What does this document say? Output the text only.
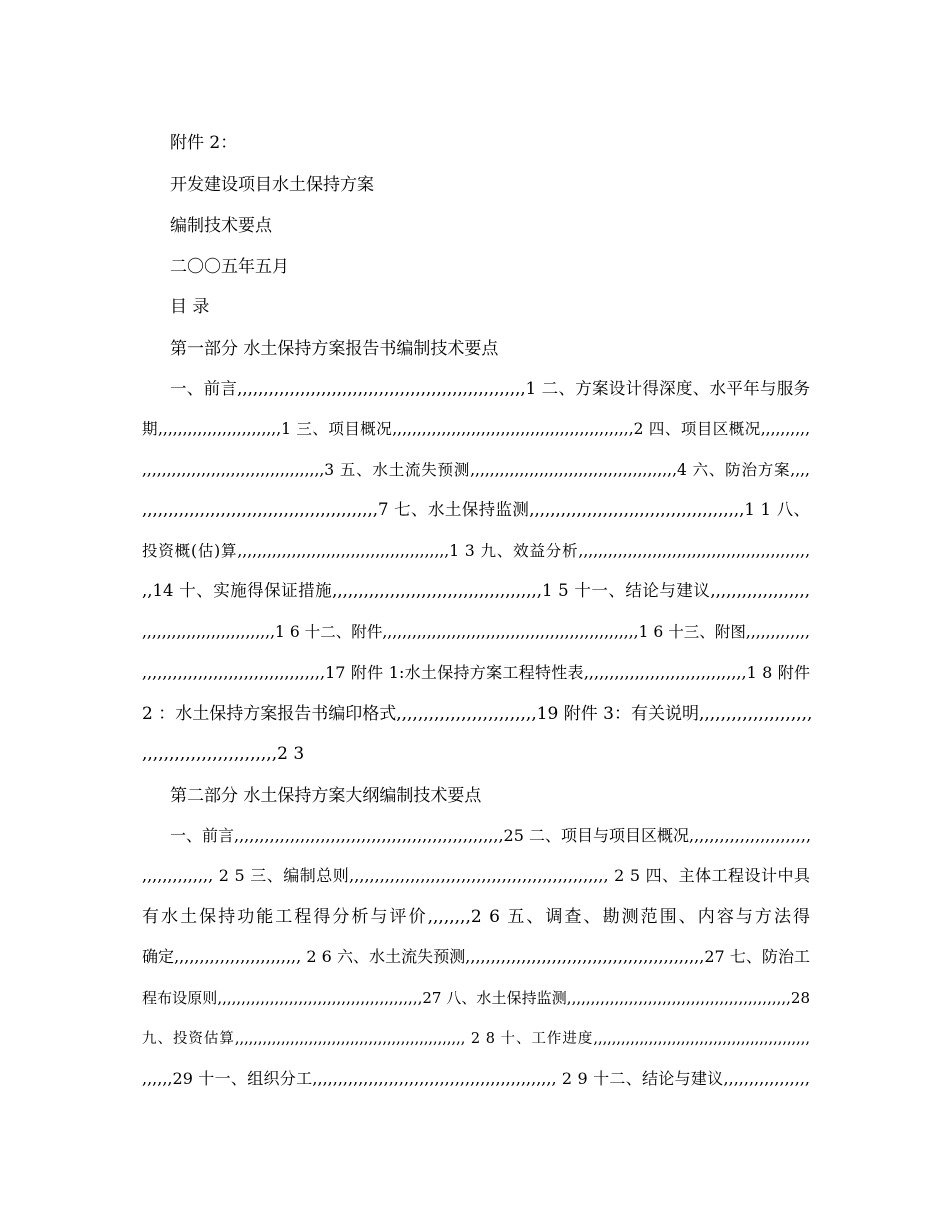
附件 2：
开发建设项目水土保持方案
编制技术要点
二〇〇五年五月
目 录
第一部分 水土保持方案报告书编制技术要点
一、前言,,,,,,,,,,,,,,,,,,,,,,,,,,,,,,,,,,,,,,,,,,,,,,,,,,,,,,,1 二、方案设计得深度、水平年与服务
期,,,,,,,,,,,,,,,,,,,,,,,,,1 三、项目概况,,,,,,,,,,,,,,,,,,,,,,,,,,,,,,,,,,,,,,,,,,,,,,,,,2 四、项目区概况,,,,,,,,,,
,,,,,,,,,,,,,,,,,,,,,,,,,,,,,,,,,,,,,3 五、水土流失预测,,,,,,,,,,,,,,,,,,,,,,,,,,,,,,,,,,,,,,,,,,4 六、防治方案,,,,
,,,,,,,,,,,,,,,,,,,,,,,,,,,,,,,,,,,,,,,,,,,,,7 七、水土保持监测,,,,,,,,,,,,,,,,,,,,,,,,,,,,,,,,,,,,,,,,,1 1 八、
投资概(估)算,,,,,,,,,,,,,,,,,,,,,,,,,,,,,,,,,,,,,,,,,,,1 3 九、效益分析,,,,,,,,,,,,,,,,,,,,,,,,,,,,,,,,,,,,,,,,,,,,,,,
,,14 十、实施得保证措施,,,,,,,,,,,,,,,,,,,,,,,,,,,,,,,,,,,,,,,,1 5 十一、结论与建议,,,,,,,,,,,,,,,,,,,
,,,,,,,,,,,,,,,,,,,,,,,,,,,1 6 十二、附件,,,,,,,,,,,,,,,,,,,,,,,,,,,,,,,,,,,,,,,,,,,,,,,,,,,,1 6 十三、附图,,,,,,,,,,,,,
,,,,,,,,,,,,,,,,,,,,,,,,,,,,,,,,,,,,17 附件 1:水土保持方案工程特性表,,,,,,,,,,,,,,,,,,,,,,,,,,,,,,,,1 8 附件
2 ：水土保持方案报告书编印格式,,,,,,,,,,,,,,,,,,,,,,,,,,19 附件 3：有关说明,,,,,,,,,,,,,,,,,,,,,
,,,,,,,,,,,,,,,,,,,,,,,,,2 3
第二部分 水土保持方案大纲编制技术要点
一、前言,,,,,,,,,,,,,,,,,,,,,,,,,,,,,,,,,,,,,,,,,,,,,,,,,,,,,25 二、项目与项目区概况,,,,,,,,,,,,,,,,,,,,,,,,
,,,,,,,,,,,,,, 2 5 三、编制总则,,,,,,,,,,,,,,,,,,,,,,,,,,,,,,,,,,,,,,,,,,,,,,,,,,, 2 5 四、主体工程设计中具
有水土保持功能工程得分析与评价,,,,,,,,2 6 五、调查、勘测范围、内容与方法得
确定,,,,,,,,,,,,,,,,,,,,,,,,, 2 6 六、水土流失预测,,,,,,,,,,,,,,,,,,,,,,,,,,,,,,,,,,,,,,,,,,,,,,,27 七、防治工
程布设原则,,,,,,,,,,,,,,,,,,,,,,,,,,,,,,,,,,,,,,,,,,,27 八、水土保持监测,,,,,,,,,,,,,,,,,,,,,,,,,,,,,,,,,,,,,,,,,,,,,,,28
九、投资估算,,,,,,,,,,,,,,,,,,,,,,,,,,,,,,,,,,,,,,,,,,,,,,,,,, 2 8 十、工作进度,,,,,,,,,,,,,,,,,,,,,,,,,,,,,,,,,,,,,,,,,,,,,,,
,,,,,,29 十一、组织分工,,,,,,,,,,,,,,,,,,,,,,,,,,,,,,,,,,,,,,,,,,,,,,,, 2 9 十二、结论与建议,,,,,,,,,,,,,,,,,
